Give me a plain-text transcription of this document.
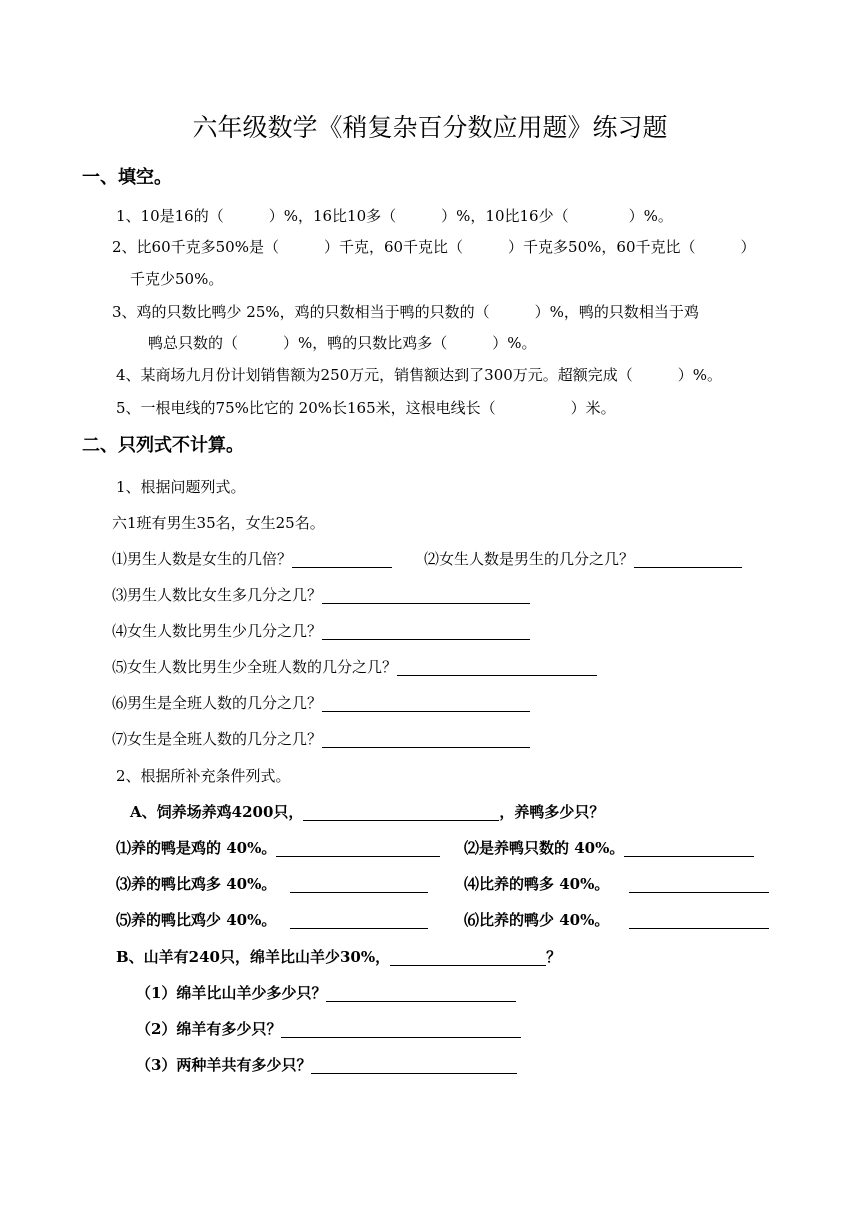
六年级数学《稍复杂百分数应用题》练习题
一、填空。
1、10是16的（　　　）%，16比10多（　　　）%，10比16少（　　　　）%。
2、比60千克多50%是（　　　）千克，60千克比（　　　）千克多50%，60千克比（　　　）
千克少50%。
3、鸡的只数比鸭少 25%，鸡的只数相当于鸭的只数的（　　　）%，鸭的只数相当于鸡
鸭总只数的（　　　）%，鸭的只数比鸡多（　　　）%。
4、某商场九月份计划销售额为250万元，销售额达到了300万元。超额完成（　　　）%。
5、一根电线的75%比它的 20%长165米，这根电线长（　　　　　）米。
二、只列式不计算。
1、根据问题列式。
六1班有男生35名，女生25名。
⑴男生人数是女生的几倍？	⑵女生人数是男生的几分之几？
⑶男生人数比女生多几分之几？
⑷女生人数比男生少几分之几？
⑸女生人数比男生少全班人数的几分之几？
⑹男生是全班人数的几分之几？
⑺女生是全班人数的几分之几？
2、根据所补充条件列式。
A、饲养场养鸡4200只，	，养鸭多少只？
⑴养的鸭是鸡的 40%。	⑵是养鸭只数的 40%。
⑶养的鸭比鸡多 40%。	⑷比养的鸭多 40%。
⑸养的鸭比鸡少 40%。	⑹比养的鸭少 40%。
B、山羊有240只，绵羊比山羊少30%，	？
（1）绵羊比山羊少多少只？
（2）绵羊有多少只？
（3）两种羊共有多少只？
